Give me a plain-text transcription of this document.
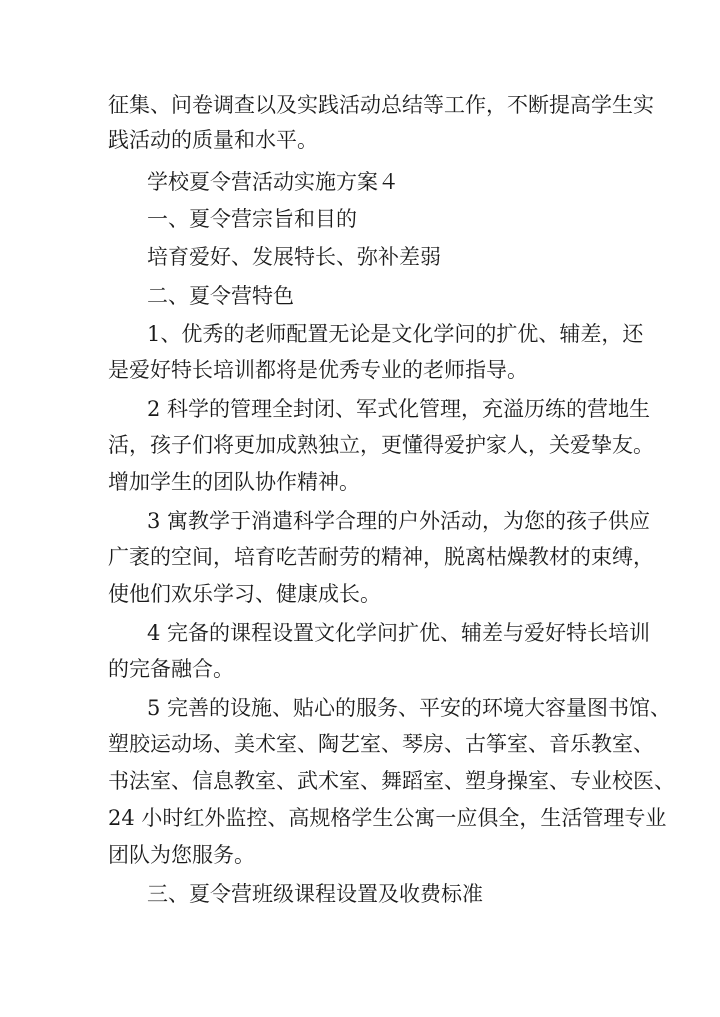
征集、问卷调查以及实践活动总结等工作，不断提高学生实
践活动的质量和水平。
学校夏令营活动实施方案４
一、夏令营宗旨和目的
培育爱好、发展特长、弥补差弱
二、夏令营特色
1、优秀的老师配置无论是文化学问的扩优、辅差，还
是爱好特长培训都将是优秀专业的老师指导。
2 科学的管理全封闭、军式化管理，充溢历练的营地生
活，孩子们将更加成熟独立，更懂得爱护家人，关爱挚友。
增加学生的团队协作精神。
3 寓教学于消遣科学合理的户外活动，为您的孩子供应
广袤的空间，培育吃苦耐劳的精神，脱离枯燥教材的束缚，
使他们欢乐学习、健康成长。
4 完备的课程设置文化学问扩优、辅差与爱好特长培训
的完备融合。
5 完善的设施、贴心的服务、平安的环境大容量图书馆、
塑胶运动场、美术室、陶艺室、琴房、古筝室、音乐教室、
书法室、信息教室、武术室、舞蹈室、塑身操室、专业校医、
24 小时红外监控、高规格学生公寓一应俱全，生活管理专业
团队为您服务。
三、夏令营班级课程设置及收费标准
